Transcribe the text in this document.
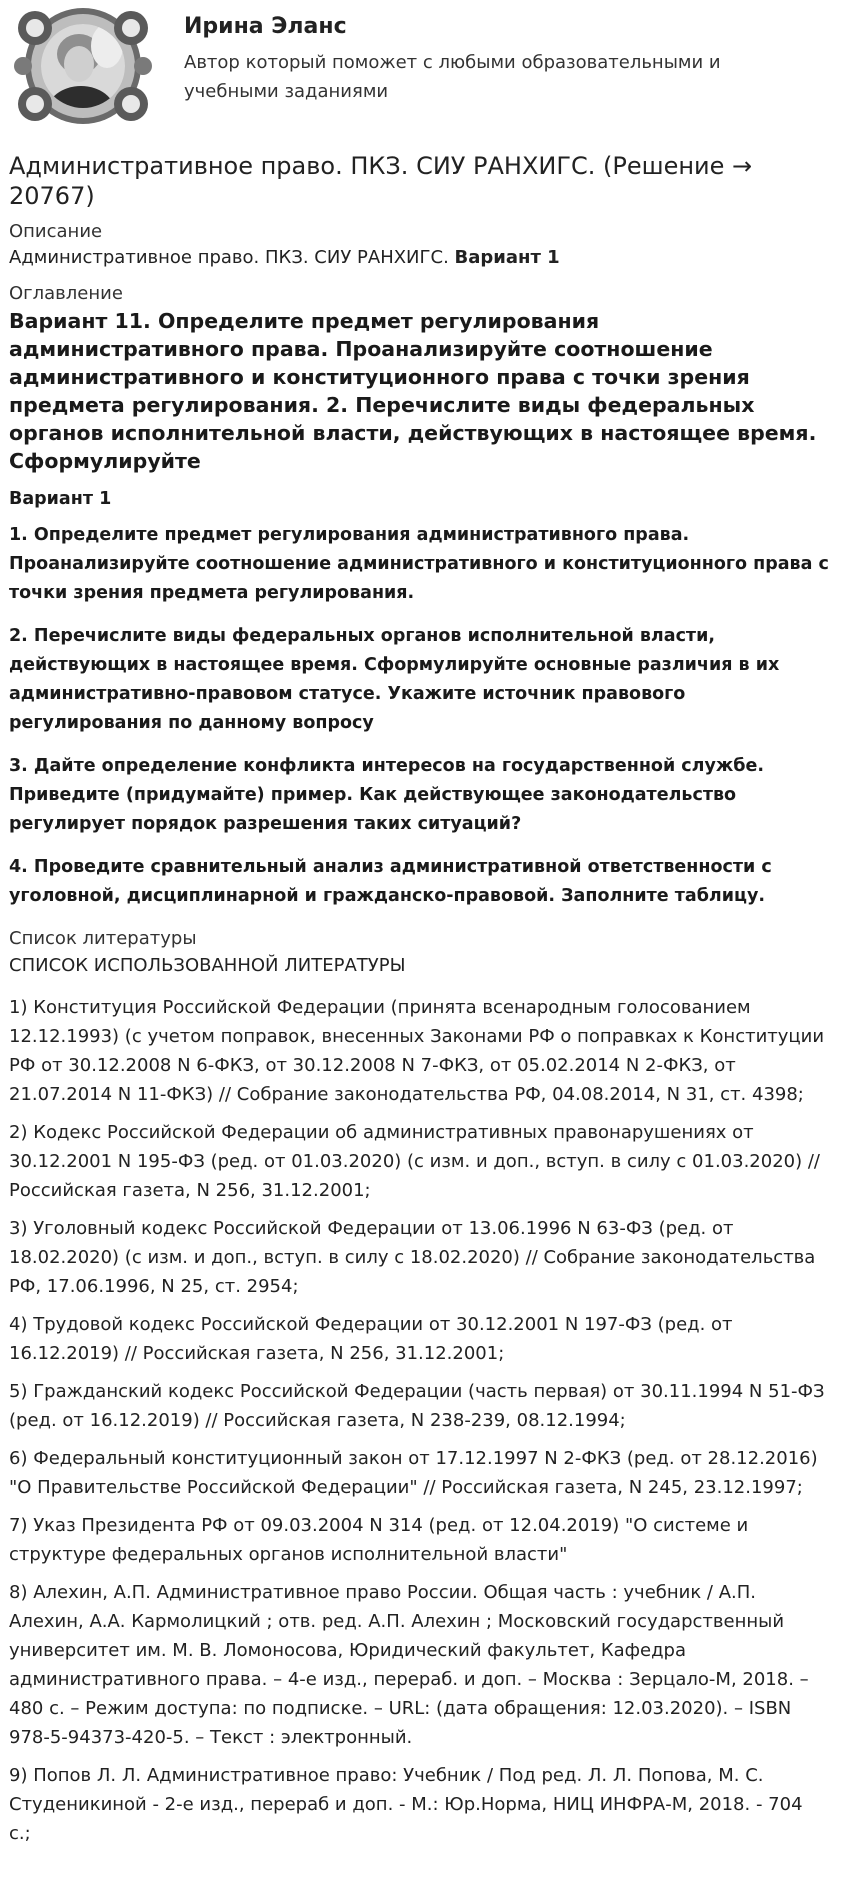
Ирина Эланс
Автор который поможет с любыми образовательными и учебными заданиями
Административное право. ПКЗ. СИУ РАНХИГС. (Решение → 20767)
Описание
Административное право. ПКЗ. СИУ РАНХИГС. Вариант 1
Оглавление
Вариант 11. Определите предмет регулирования административного права. Проанализируйте соотношение административного и конституционного права с точки зрения предмета регулирования. 2. Перечислите виды федеральных органов исполнительной власти, действующих в настоящее время. Сформулируйте
Вариант 1
1. Определите предмет регулирования административного права. Проанализируйте соотношение административного и конституционного права с точки зрения предмета регулирования.
2. Перечислите виды федеральных органов исполнительной власти, действующих в настоящее время. Сформулируйте основные различия в их административно-правовом статусе. Укажите источник правового регулирования по данному вопросу
3. Дайте определение конфликта интересов на государственной службе. Приведите (придумайте) пример. Как действующее законодательство регулирует порядок разрешения таких ситуаций?
4. Проведите сравнительный анализ административной ответственности с уголовной, дисциплинарной и гражданско-правовой. Заполните таблицу.
Список литературы
СПИСОК ИСПОЛЬЗОВАННОЙ ЛИТЕРАТУРЫ
1) Конституция Российской Федерации (принята всенародным голосованием 12.12.1993) (с учетом поправок, внесенных Законами РФ о поправках к Конституции РФ от 30.12.2008 N 6-ФКЗ, от 30.12.2008 N 7-ФКЗ, от 05.02.2014 N 2-ФКЗ, от 21.07.2014 N 11-ФКЗ) // Собрание законодательства РФ, 04.08.2014, N 31, ст. 4398;
2) Кодекс Российской Федерации об административных правонарушениях от 30.12.2001 N 195-ФЗ (ред. от 01.03.2020) (с изм. и доп., вступ. в силу с 01.03.2020) // Российская газета, N 256, 31.12.2001;
3) Уголовный кодекс Российской Федерации от 13.06.1996 N 63-ФЗ (ред. от 18.02.2020) (с изм. и доп., вступ. в силу с 18.02.2020) // Собрание законодательства РФ, 17.06.1996, N 25, ст. 2954;
4) Трудовой кодекс Российской Федерации от 30.12.2001 N 197-ФЗ (ред. от 16.12.2019) // Российская газета, N 256, 31.12.2001;
5) Гражданский кодекс Российской Федерации (часть первая) от 30.11.1994 N 51-ФЗ (ред. от 16.12.2019) // Российская газета, N 238-239, 08.12.1994;
6) Федеральный конституционный закон от 17.12.1997 N 2-ФКЗ (ред. от 28.12.2016) "О Правительстве Российской Федерации" // Российская газета, N 245, 23.12.1997;
7) Указ Президента РФ от 09.03.2004 N 314 (ред. от 12.04.2019) "О системе и структуре федеральных органов исполнительной власти"
8) Алехин, А.П. Административное право России. Общая часть : учебник / А.П. Алехин, А.А. Кармолицкий ; отв. ред. А.П. Алехин ; Московский государственный университет им. М. В. Ломоносова, Юридический факультет, Кафедра административного права. – 4-е изд., перераб. и доп. – Москва : Зерцало-М, 2018. – 480 с. – Режим доступа: по подписке. – URL: (дата обращения: 12.03.2020). – ISBN 978-5-94373-420-5. – Текст : электронный.
9) Попов Л. Л. Административное право: Учебник / Под ред. Л. Л. Попова, М. С. Студеникиной - 2-е изд., перераб и доп. - М.: Юр.Норма, НИЦ ИНФРА-М, 2018. - 704 с.;
